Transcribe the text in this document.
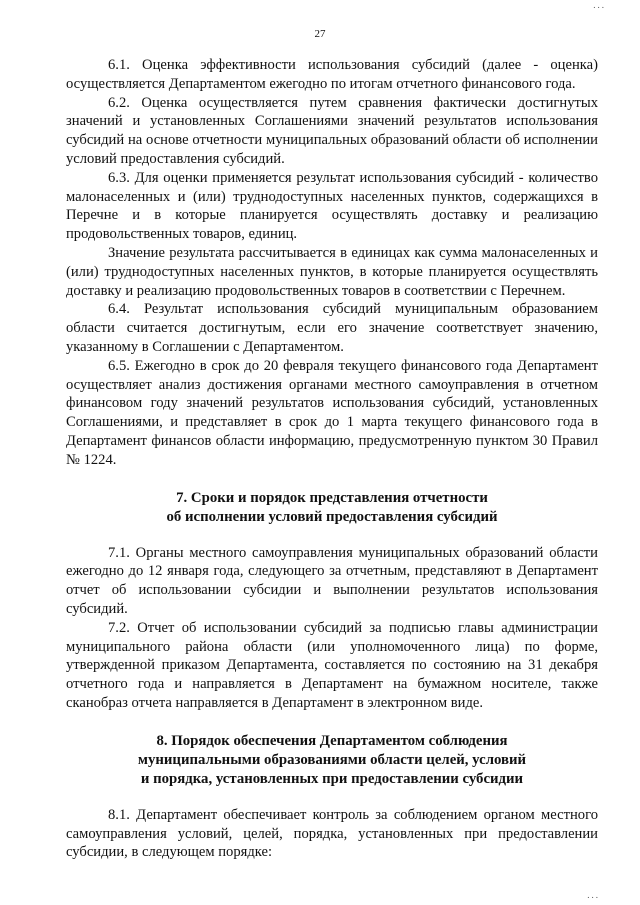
...
27

6.1. Оценка эффективности использования субсидий (далее - оценка) осуществляется Департаментом ежегодно по итогам отчетного финансового года.

6.2. Оценка осуществляется путем сравнения фактически достигнутых значений и установленных Соглашениями значений результатов использования субсидий на основе отчетности муниципальных образований области об исполнении условий предоставления субсидий.

6.3. Для оценки применяется результат использования субсидий - количество малонаселенных и (или) труднодоступных населенных пунктов, содержащихся в Перечне и в которые планируется осуществлять доставку и реализацию продовольственных товаров, единиц.

Значение результата рассчитывается в единицах как сумма малонаселенных и (или) труднодоступных населенных пунктов, в которые планируется осуществлять доставку и реализацию продовольственных товаров в соответствии с Перечнем.

6.4. Результат использования субсидий муниципальным образованием области считается достигнутым, если его значение соответствует значению, указанному в Соглашении с Департаментом.

6.5. Ежегодно в срок до 20 февраля текущего финансового года Департамент осуществляет анализ достижения органами местного самоуправления в отчетном финансовом году значений результатов использования субсидий, установленных Соглашениями, и представляет в срок до 1 марта текущего финансового года в Департамент финансов области информацию, предусмотренную пунктом 30 Правил № 1224.

7. Сроки и порядок представления отчетности

об исполнении условий предоставления субсидий

7.1. Органы местного самоуправления муниципальных образований области ежегодно до 12 января года, следующего за отчетным, представляют в Департамент отчет об использовании субсидии и выполнении результатов использования субсидий.

7.2. Отчет об использовании субсидий за подписью главы администрации муниципального района области (или уполномоченного лица) по форме, утвержденной приказом Департамента, составляется по состоянию на 31 декабря отчетного года и направляется в Департамент на бумажном носителе, также сканобраз отчета направляется в Департамент в электронном виде.

8. Порядок обеспечения Департаментом соблюдения

муниципальными образованиями области целей, условий

и порядка, установленных при предоставлении субсидии

8.1. Департамент обеспечивает контроль за соблюдением органом местного самоуправления условий, целей, порядка, установленных при предоставлении субсидии, в следующем порядке:

...
